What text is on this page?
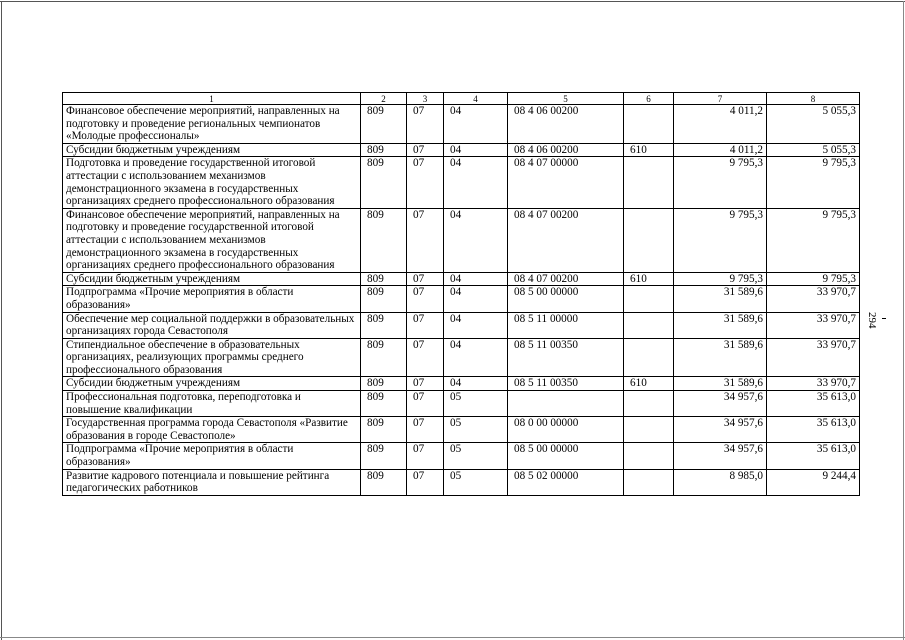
1	2	3	4	5	6	7	8
Финансовое обеспечение мероприятий, направленных на подготовку и проведение региональных чемпионатов «Молодые профессионалы»	809	07	04	08 4 06 00200		4 011,2	5 055,3
Субсидии бюджетным учреждениям	809	07	04	08 4 06 00200	610	4 011,2	5 055,3
Подготовка и проведение государственной итоговой аттестации с использованием механизмов демонстрационного экзамена в государственных организациях среднего профессионального образования	809	07	04	08 4 07 00000		9 795,3	9 795,3
Финансовое обеспечение мероприятий, направленных на подготовку и проведение государственной итоговой аттестации с использованием механизмов демонстрационного экзамена в государственных организациях среднего профессионального образования	809	07	04	08 4 07 00200		9 795,3	9 795,3
Субсидии бюджетным учреждениям	809	07	04	08 4 07 00200	610	9 795,3	9 795,3
Подпрограмма «Прочие мероприятия в области образования»	809	07	04	08 5 00 00000		31 589,6	33 970,7
Обеспечение мер социальной поддержки в образовательных организациях города Севастополя	809	07	04	08 5 11 00000		31 589,6	33 970,7
Стипендиальное обеспечение в образовательных организациях, реализующих программы среднего профессионального образования	809	07	04	08 5 11 00350		31 589,6	33 970,7
Субсидии бюджетным учреждениям	809	07	04	08 5 11 00350	610	31 589,6	33 970,7
Профессиональная подготовка, переподготовка и повышение квалификации	809	07	05			34 957,6	35 613,0
Государственная программа города Севастополя «Развитие образования в городе Севастополе»	809	07	05	08 0 00 00000		34 957,6	35 613,0
Подпрограмма «Прочие мероприятия в области образования»	809	07	05	08 5 00 00000		34 957,6	35 613,0
Развитие кадрового потенциала и повышение рейтинга педагогических работников	809	07	05	08 5 02 00000		8 985,0	9 244,4
294
